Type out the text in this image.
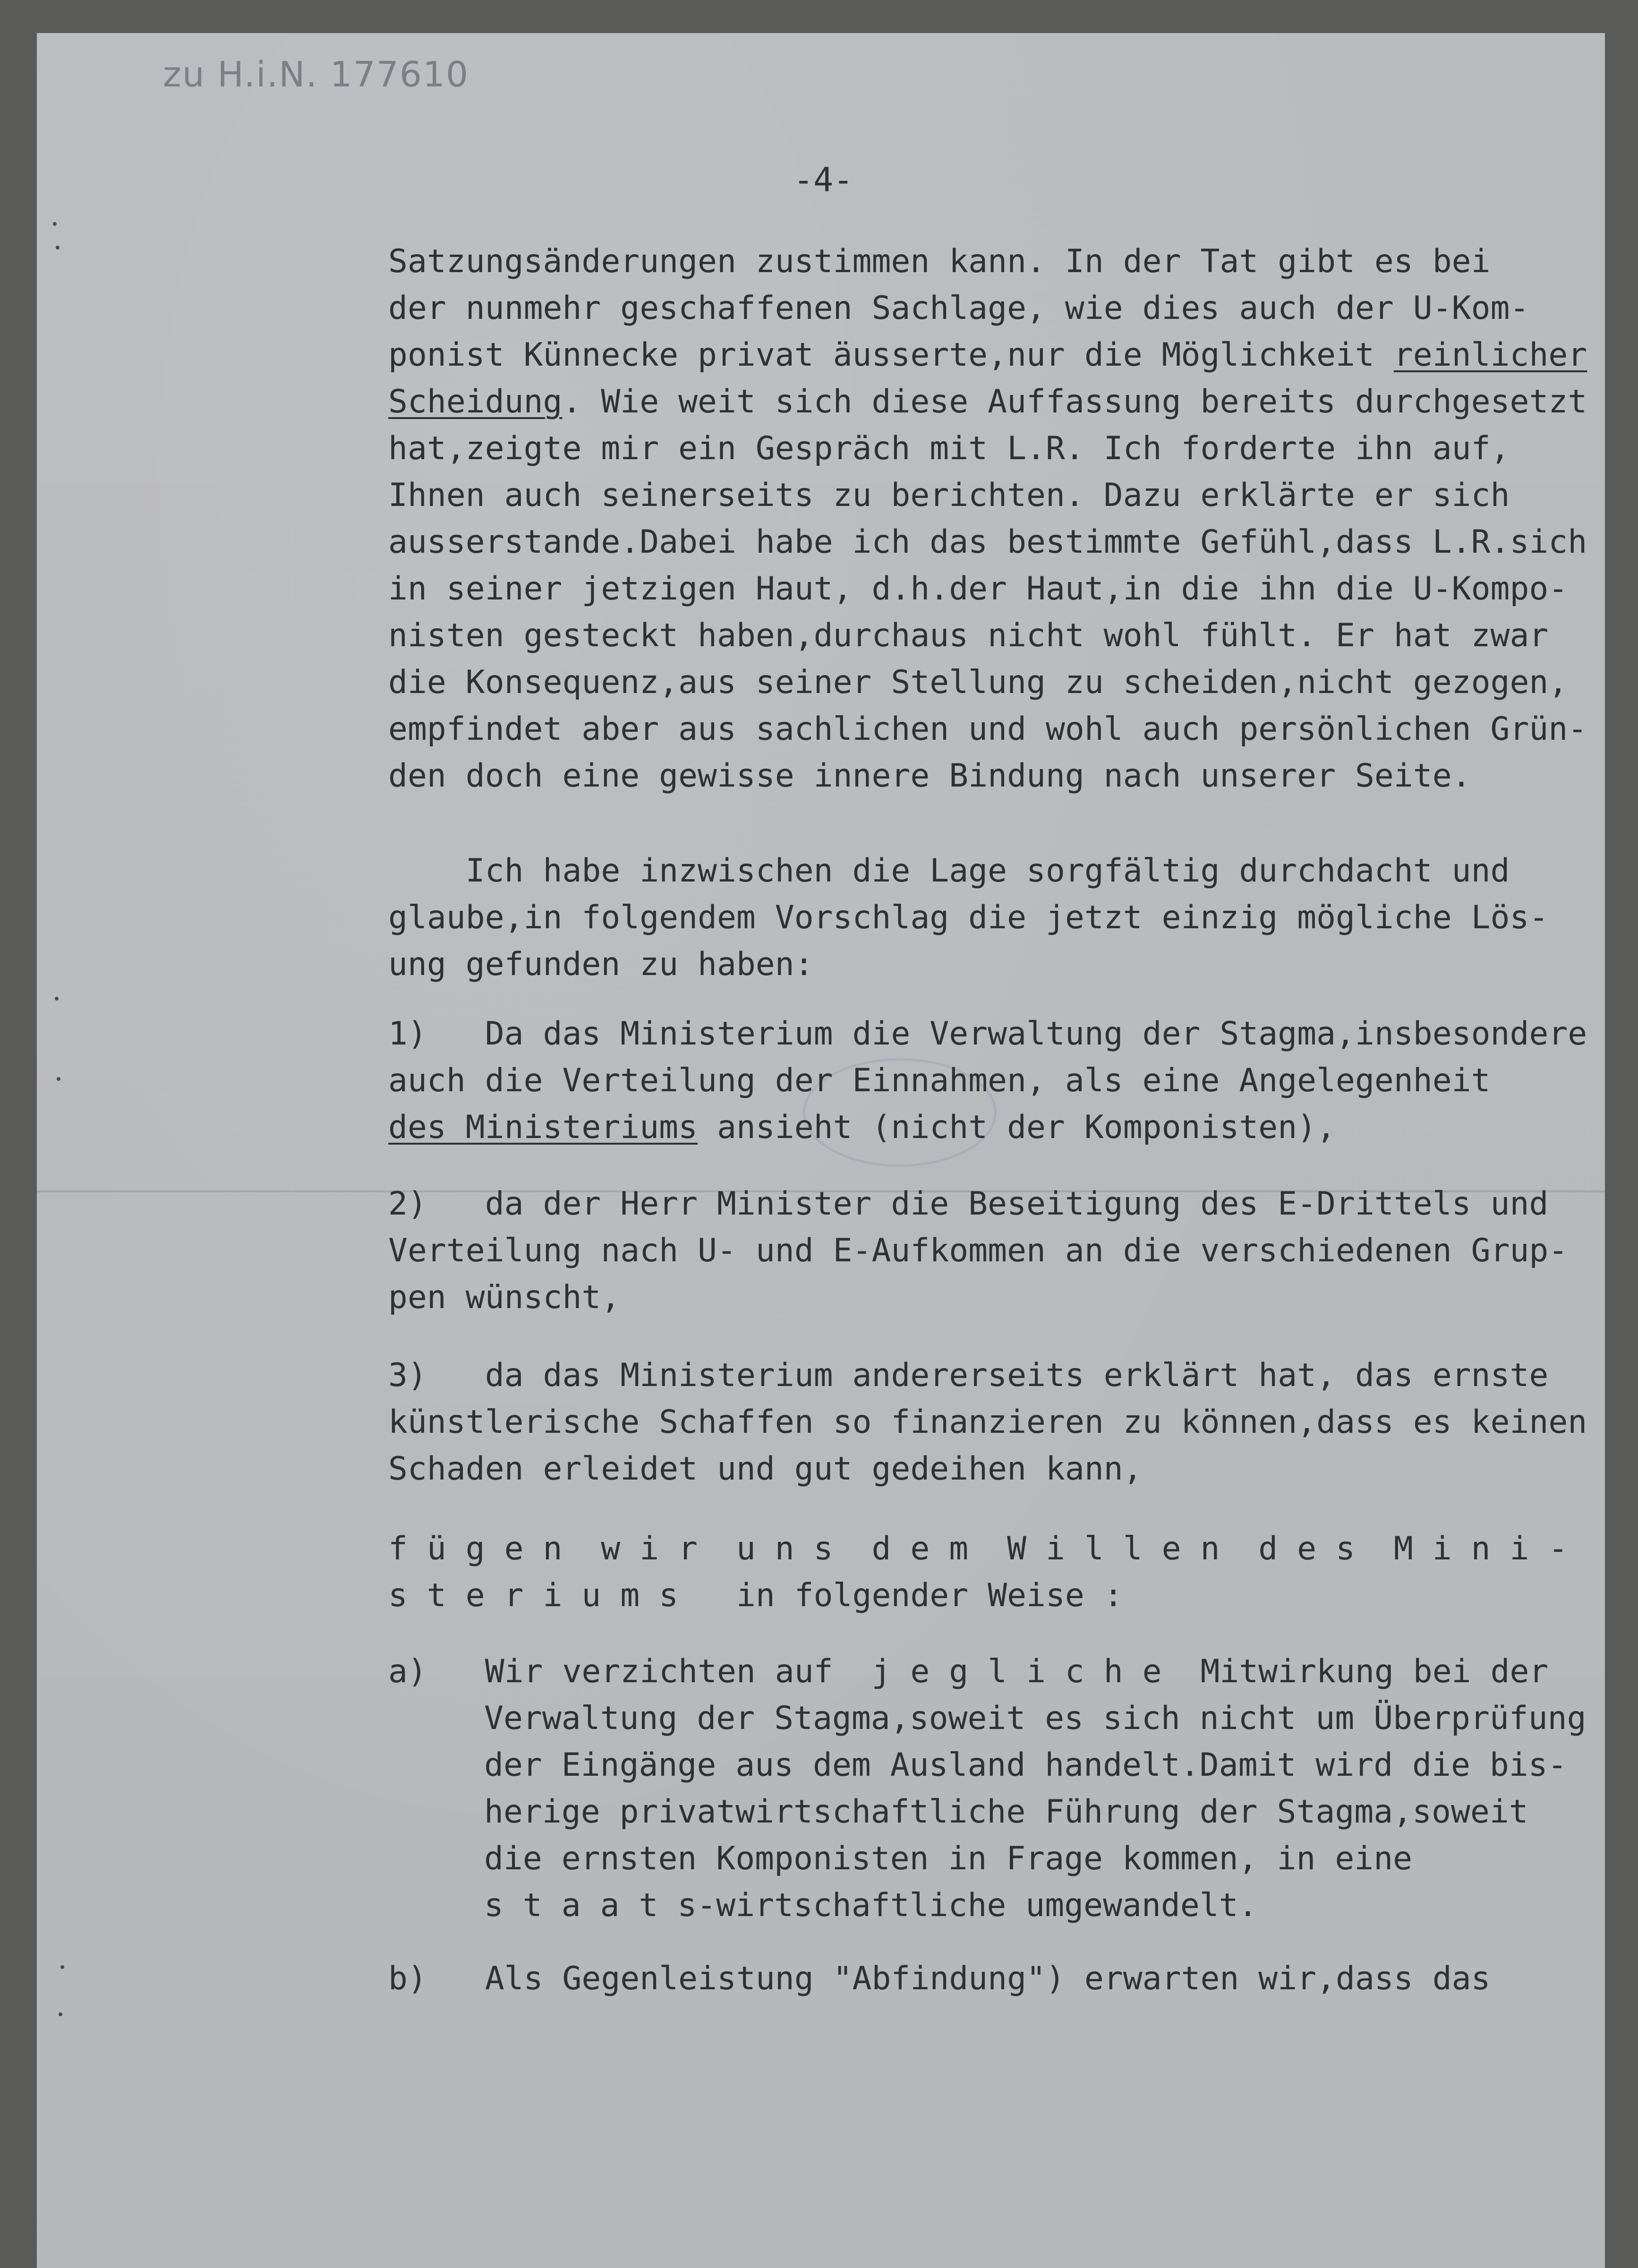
zu H.i.N. 177610
-4-
Satzungsänderungen zustimmen kann. In der Tat gibt es bei
der nunmehr geschaffenen Sachlage, wie dies auch der U-Kom-
ponist Künnecke privat äusserte,nur die Möglichkeit reinlicher
Scheidung. Wie weit sich diese Auffassung bereits durchgesetzt
hat,zeigte mir ein Gespräch mit L.R. Ich forderte ihn auf,
Ihnen auch seinerseits zu berichten. Dazu erklärte er sich
ausserstande.Dabei habe ich das bestimmte Gefühl,dass L.R.sich
in seiner jetzigen Haut, d.h.der Haut,in die ihn die U-Kompo-
nisten gesteckt haben,durchaus nicht wohl fühlt. Er hat zwar
die Konsequenz,aus seiner Stellung zu scheiden,nicht gezogen,
empfindet aber aus sachlichen und wohl auch persönlichen Grün-
den doch eine gewisse innere Bindung nach unserer Seite.
Ich habe inzwischen die Lage sorgfältig durchdacht und
glaube,in folgendem Vorschlag die jetzt einzig mögliche Lös-
ung gefunden zu haben:
1)   Da das Ministerium die Verwaltung der Stagma,insbesondere
auch die Verteilung der Einnahmen, als eine Angelegenheit
des Ministeriums ansieht (nicht der Komponisten),
2)   da der Herr Minister die Beseitigung des E-Drittels und
Verteilung nach U- und E-Aufkommen an die verschiedenen Grup-
pen wünscht,
3)   da das Ministerium andererseits erklärt hat, das ernste
künstlerische Schaffen so finanzieren zu können,dass es keinen
Schaden erleidet und gut gedeihen kann,
f ü g e n  w i r  u n s  d e m  W i l l e n  d e s  M i n i -
s t e r i u m s   in folgender Weise :
a)   Wir verzichten auf  j e g l i c h e  Mitwirkung bei der
Verwaltung der Stagma,soweit es sich nicht um Überprüfung
der Eingänge aus dem Ausland handelt.Damit wird die bis-
herige privatwirtschaftliche Führung der Stagma,soweit
die ernsten Komponisten in Frage kommen, in eine
s t a a t s-wirtschaftliche umgewandelt.
b)   Als Gegenleistung "Abfindung") erwarten wir,dass das
